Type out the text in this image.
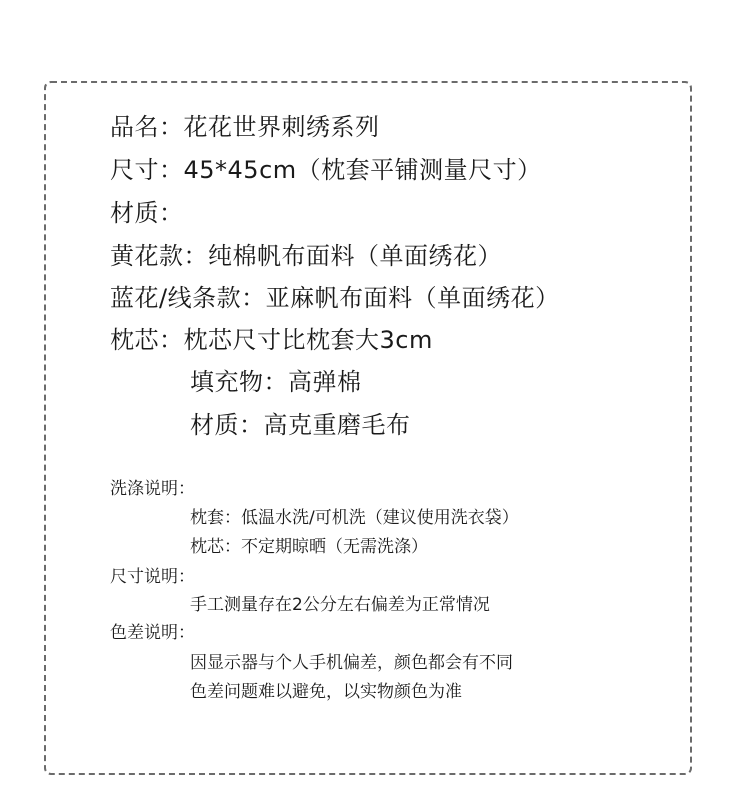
品名：花花世界刺绣系列
尺寸：45*45cm（枕套平铺测量尺寸）
材质：
黄花款：纯棉帆布面料（单面绣花）
蓝花/线条款：亚麻帆布面料（单面绣花）
枕芯：枕芯尺寸比枕套大3cm
填充物：高弹棉
材质：高克重磨毛布
洗涤说明：
枕套：低温水洗/可机洗（建议使用洗衣袋）
枕芯：不定期晾晒（无需洗涤）
尺寸说明：
手工测量存在2公分左右偏差为正常情况
色差说明：
因显示器与个人手机偏差，颜色都会有不同
色差问题难以避免，以实物颜色为准
